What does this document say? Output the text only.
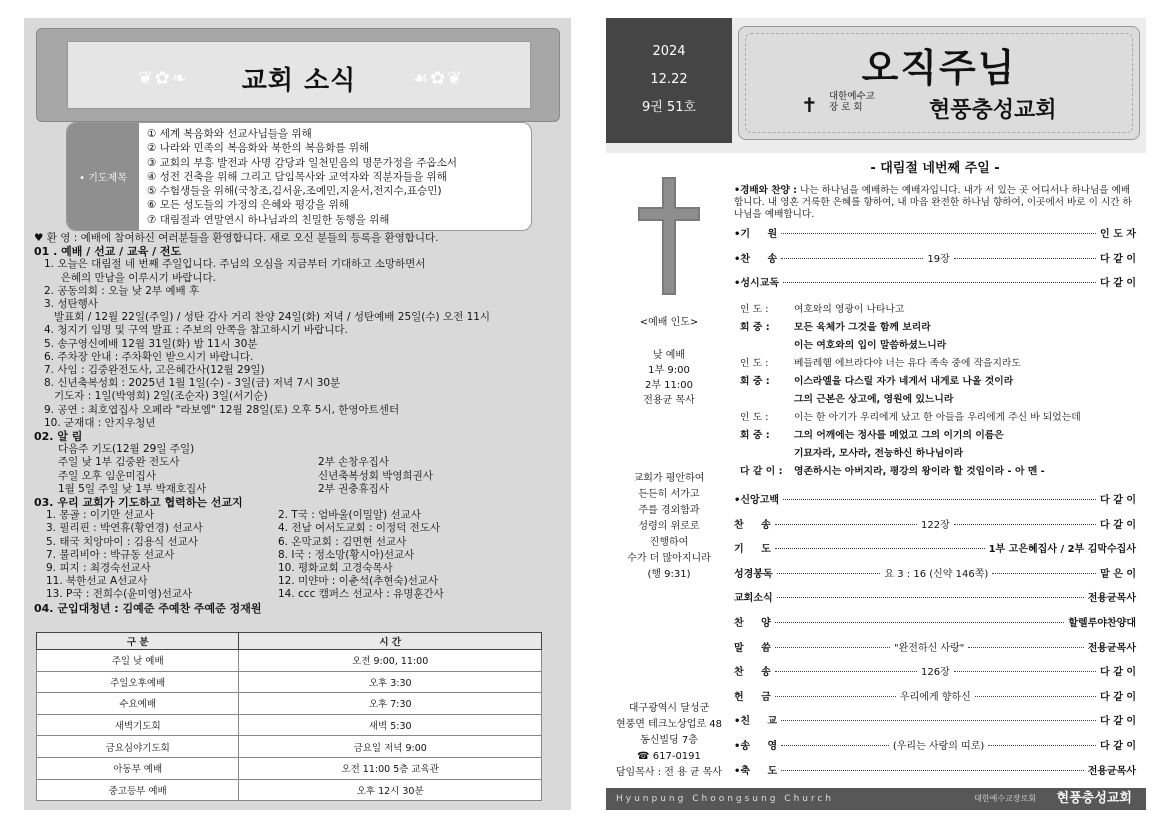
❦ ✿ ❧	교회 소식	☙ ✿ ❦
• 기도제목
① 세계 복음화와 선교사님들을 위해
② 나라와 민족의 복음화와 북한의 복음화를 위해
③ 교회의 부흥 발전과 사명 감당과 일천믿음의 명문가정을 주옵소서
④ 성전 건축을 위해 그리고 담임목사와 교역자와 직분자들을 위해
⑤ 수험생들을 위해(국창조,김서윤,조예민,지윤서,전지수,표승민)
⑥ 모든 성도들의 가정의 은혜와 평강을 위해
⑦ 대림절과 연말연시 하나님과의 친밀한 동행을 위해
♥ 환 영 : 예배에 참여하신 여러분들을 환영합니다. 새로 오신 분들의 등록을 환영합니다.
01 . 예배 / 선교 / 교육 / 전도
1. 오늘은 대림절 네 번째 주일입니다. 주님의 오심을 지금부터 기대하고 소망하면서
은혜의 만남을 이루시기 바랍니다.
2. 공동의회 : 오늘 낮 2부 예배 후
3. 성탄행사
발표회 / 12월 22일(주일) / 성탄 감사 거리 찬양 24일(화) 저녁 / 성탄예배 25일(수) 오전 11시
4. 청지기 임명 및 구역 발표 : 주보의 안쪽을 참고하시기 바랍니다.
5. 송구영신예배 12월 31일(화) 밤 11시 30분
6. 주차장 안내 : 주차확인 받으시기 바랍니다.
7. 사임 : 김중완전도사, 고은혜간사(12월 29일)
8. 신년축복성회 : 2025년 1월 1일(수) - 3일(금) 저녁 7시 30분
기도자 : 1일(박영희) 2일(조순자) 3일(서기순)
9. 공연 : 최호엽집사 오페라 "라보엠" 12월 28일(토) 오후 5시, 한영아트센터
10. 군재대 : 안지우청년
02. 알 림
다음주 기도(12월 29일 주일)
주일 낮 1부 김중완 전도사	2부 손창우집사
주일 오후 임운미집사	신년축복성회 박영희권사
1월 5일 주일 낮 1부 박재호집사	2부 권충휴집사
03. 우리 교회가 기도하고 협력하는 선교지
1. 몽골 : 이기만 선교사	2. T국 : 엄바울(이밀알) 선교사
3. 필리핀 : 박연휴(황연경) 선교사	4. 전남 여서도교회 : 이정덕 전도사
5. 태국 치앙마이 : 김용식 선교사	6. 온막교회 : 김면현 선교사
7. 불리비아 : 박규동 선교사	8. I국 : 정소망(황시아)선교사
9. 피지 : 최경숙선교사	10. 평화교회 고경숙목사
11. 북한선교 A선교사	12. 미얀마 : 이춘석(추현숙)선교사
13. P국 : 전희수(윤미영)선교사	14. ccc 캠퍼스 선교사 : 유명훈간사
04. 군입대청년 : 김예준 주예찬 주예준 정재원
구 분	시 간
주일 낮 예배	오전 9:00, 11:00
주일오후예배	오후 3:30
수요예배	오후 7:30
새벽기도회	새벽 5:30
금요심야기도회	금요일 저녁 9:00
아동부 예배	오전 11:00 5층 교육관
중고등부 예배	오후 12시 30분
2024
12.22
9권 51호
오직주님
✝ 대한예수교
장 로 회	현풍충성교회
<예배 인도>
낮 예배
1부 9:00
2부 11:00
전용균 목사
교회가 평안하여
든든히 서가고
주를 경외함과
성령의 위로로
진행하여
수가 더 많아지니라
(행 9:31)
대구광역시 달성군
현풍면 테크노상업로 48
동신빌딩 7층
☎ 617-0191
담임목사 : 전 용 균 목사
- 대림절 네번째 주일 -
•경배와 찬양 : 나는 하나님을 예배하는 예배자입니다. 내가 서 있는 곳 어디서나 하나님을 예배합니다. 내 영혼 거룩한 은혜를 향하여, 내 마음 완전한 하나님 향하여, 이곳에서 바로 이 시간 하나님을 예배합니다.
•기     원	인 도 자
•찬     송	19장	다 같 이
•성시교독	다 같 이
인 도 :	여호와의 영광이 나타나고
회 중 : 모든 육체가 그것을 함께 보리라
이는 여호와의 입이 말씀하셨느니라
인 도 :	베들레헴 에브라다야 너는 유다 족속 중에 작을지라도
회 중 : 이스라엘을 다스릴 자가 네게서 내게로 나올 것이라
그의 근본은 상고에, 영원에 있느니라
인 도 :	이는 한 아기가 우리에게 났고 한 아들을 우리에게 주신 바 되었는데
회 중 : 그의 어깨에는 정사를 메었고 그의 이기의 이름은
기묘자라, 모사라, 전능하신 하나님이라
다 같 이 : 영존하시는 아버지라, 평강의 왕이라 할 것임이라 - 아 멘 -
•신앙고백	다 같 이
찬     송	122장	다 같 이
기     도	1부 고은혜집사 / 2부 김막수집사
성경봉독	요 3 : 16 (신약 146쪽)	맡 은 이
교회소식	전용균목사
찬     양	할렐루야찬양대
말     씀	"완전하신 사랑"	전용균목사
찬     송	126장	다 같 이
헌     금	우리에게 향하신	다 같 이
•친     교	다 같 이
•송     영	(우리는 사랑의 띠로)	다 같 이
•축     도	전용균목사
Hyunpung Choongsung Church	대한예수교장로회 현풍충성교회
